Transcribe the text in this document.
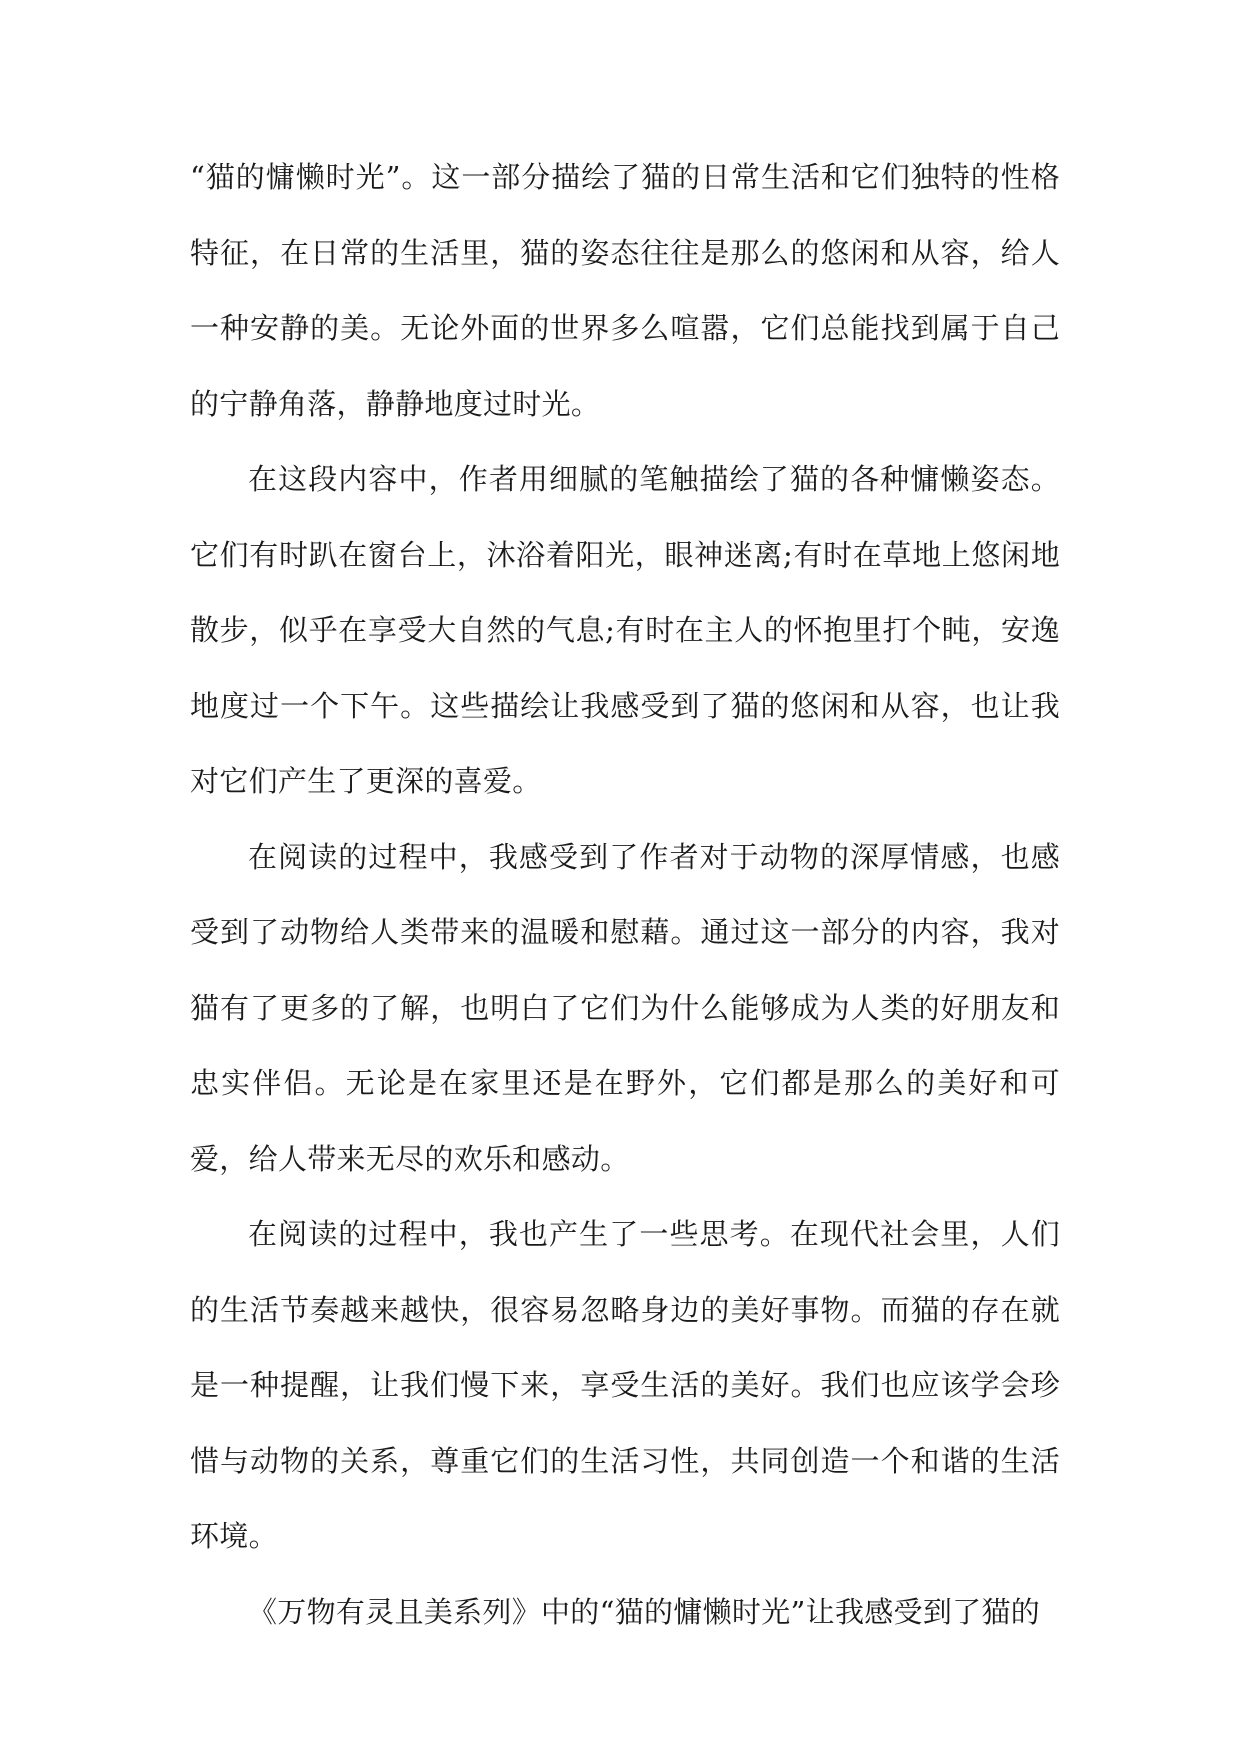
“猫的慵懒时光”。这一部分描绘了猫的日常生活和它们独特的性格特征，在日常的生活里，猫的姿态往往是那么的悠闲和从容，给人一种安静的美。无论外面的世界多么喧嚣，它们总能找到属于自己的宁静角落，静静地度过时光。

在这段内容中，作者用细腻的笔触描绘了猫的各种慵懒姿态。它们有时趴在窗台上，沐浴着阳光，眼神迷离;有时在草地上悠闲地散步，似乎在享受大自然的气息;有时在主人的怀抱里打个盹，安逸地度过一个下午。这些描绘让我感受到了猫的悠闲和从容，也让我对它们产生了更深的喜爱。

在阅读的过程中，我感受到了作者对于动物的深厚情感，也感受到了动物给人类带来的温暖和慰藉。通过这一部分的内容，我对猫有了更多的了解，也明白了它们为什么能够成为人类的好朋友和忠实伴侣。无论是在家里还是在野外，它们都是那么的美好和可爱，给人带来无尽的欢乐和感动。

在阅读的过程中，我也产生了一些思考。在现代社会里，人们的生活节奏越来越快，很容易忽略身边的美好事物。而猫的存在就是一种提醒，让我们慢下来，享受生活的美好。我们也应该学会珍惜与动物的关系，尊重它们的生活习性，共同创造一个和谐的生活环境。

《万物有灵且美系列》中的“猫的慵懒时光”让我感受到了猫的
